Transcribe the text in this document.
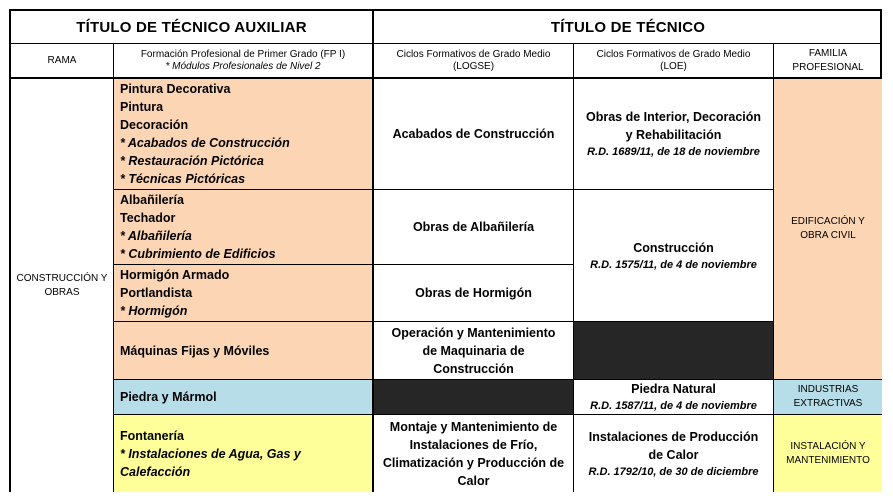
TÍTULO DE TÉCNICO AUXILIAR	TÍTULO DE TÉCNICO
RAMA
Formación Profesional de Primer Grado (FP I)
* Módulos Profesionales de Nivel 2
Ciclos Formativos de Grado Medio
(LOGSE)
Ciclos Formativos de Grado Medio
(LOE)
FAMILIA
PROFESIONAL
CONSTRUCCIÓN Y
OBRAS
Pintura Decorativa
Pintura
Decoración
* Acabados de Construcción
* Restauración Pictórica
* Técnicas Pictóricas
Albañilería
Techador
* Albañilería
* Cubrimiento de Edificios
Hormigón Armado
Portlandista
* Hormigón
Máquinas Fijas y Móviles
Piedra y Mármol
Fontanería
* Instalaciones de Agua, Gas y
Calefacción
Acabados de Construcción
Obras de Albañilería
Obras de Hormigón
Operación y Mantenimiento
de Maquinaria de
Construcción
Montaje y Mantenimiento de
Instalaciones de Frío,
Climatización y Producción de
Calor
Obras de Interior, Decoración
y Rehabilitación
R.D. 1689/11, de 18 de noviembre
Construcción
R.D. 1575/11, de 4 de noviembre
Piedra Natural
R.D. 1587/11, de 4 de noviembre
Instalaciones de Producción
de Calor
R.D. 1792/10, de 30 de diciembre
EDIFICACIÓN Y
OBRA CIVIL
INDUSTRIAS
EXTRACTIVAS
INSTALACIÓN Y
MANTENIMIENTO
